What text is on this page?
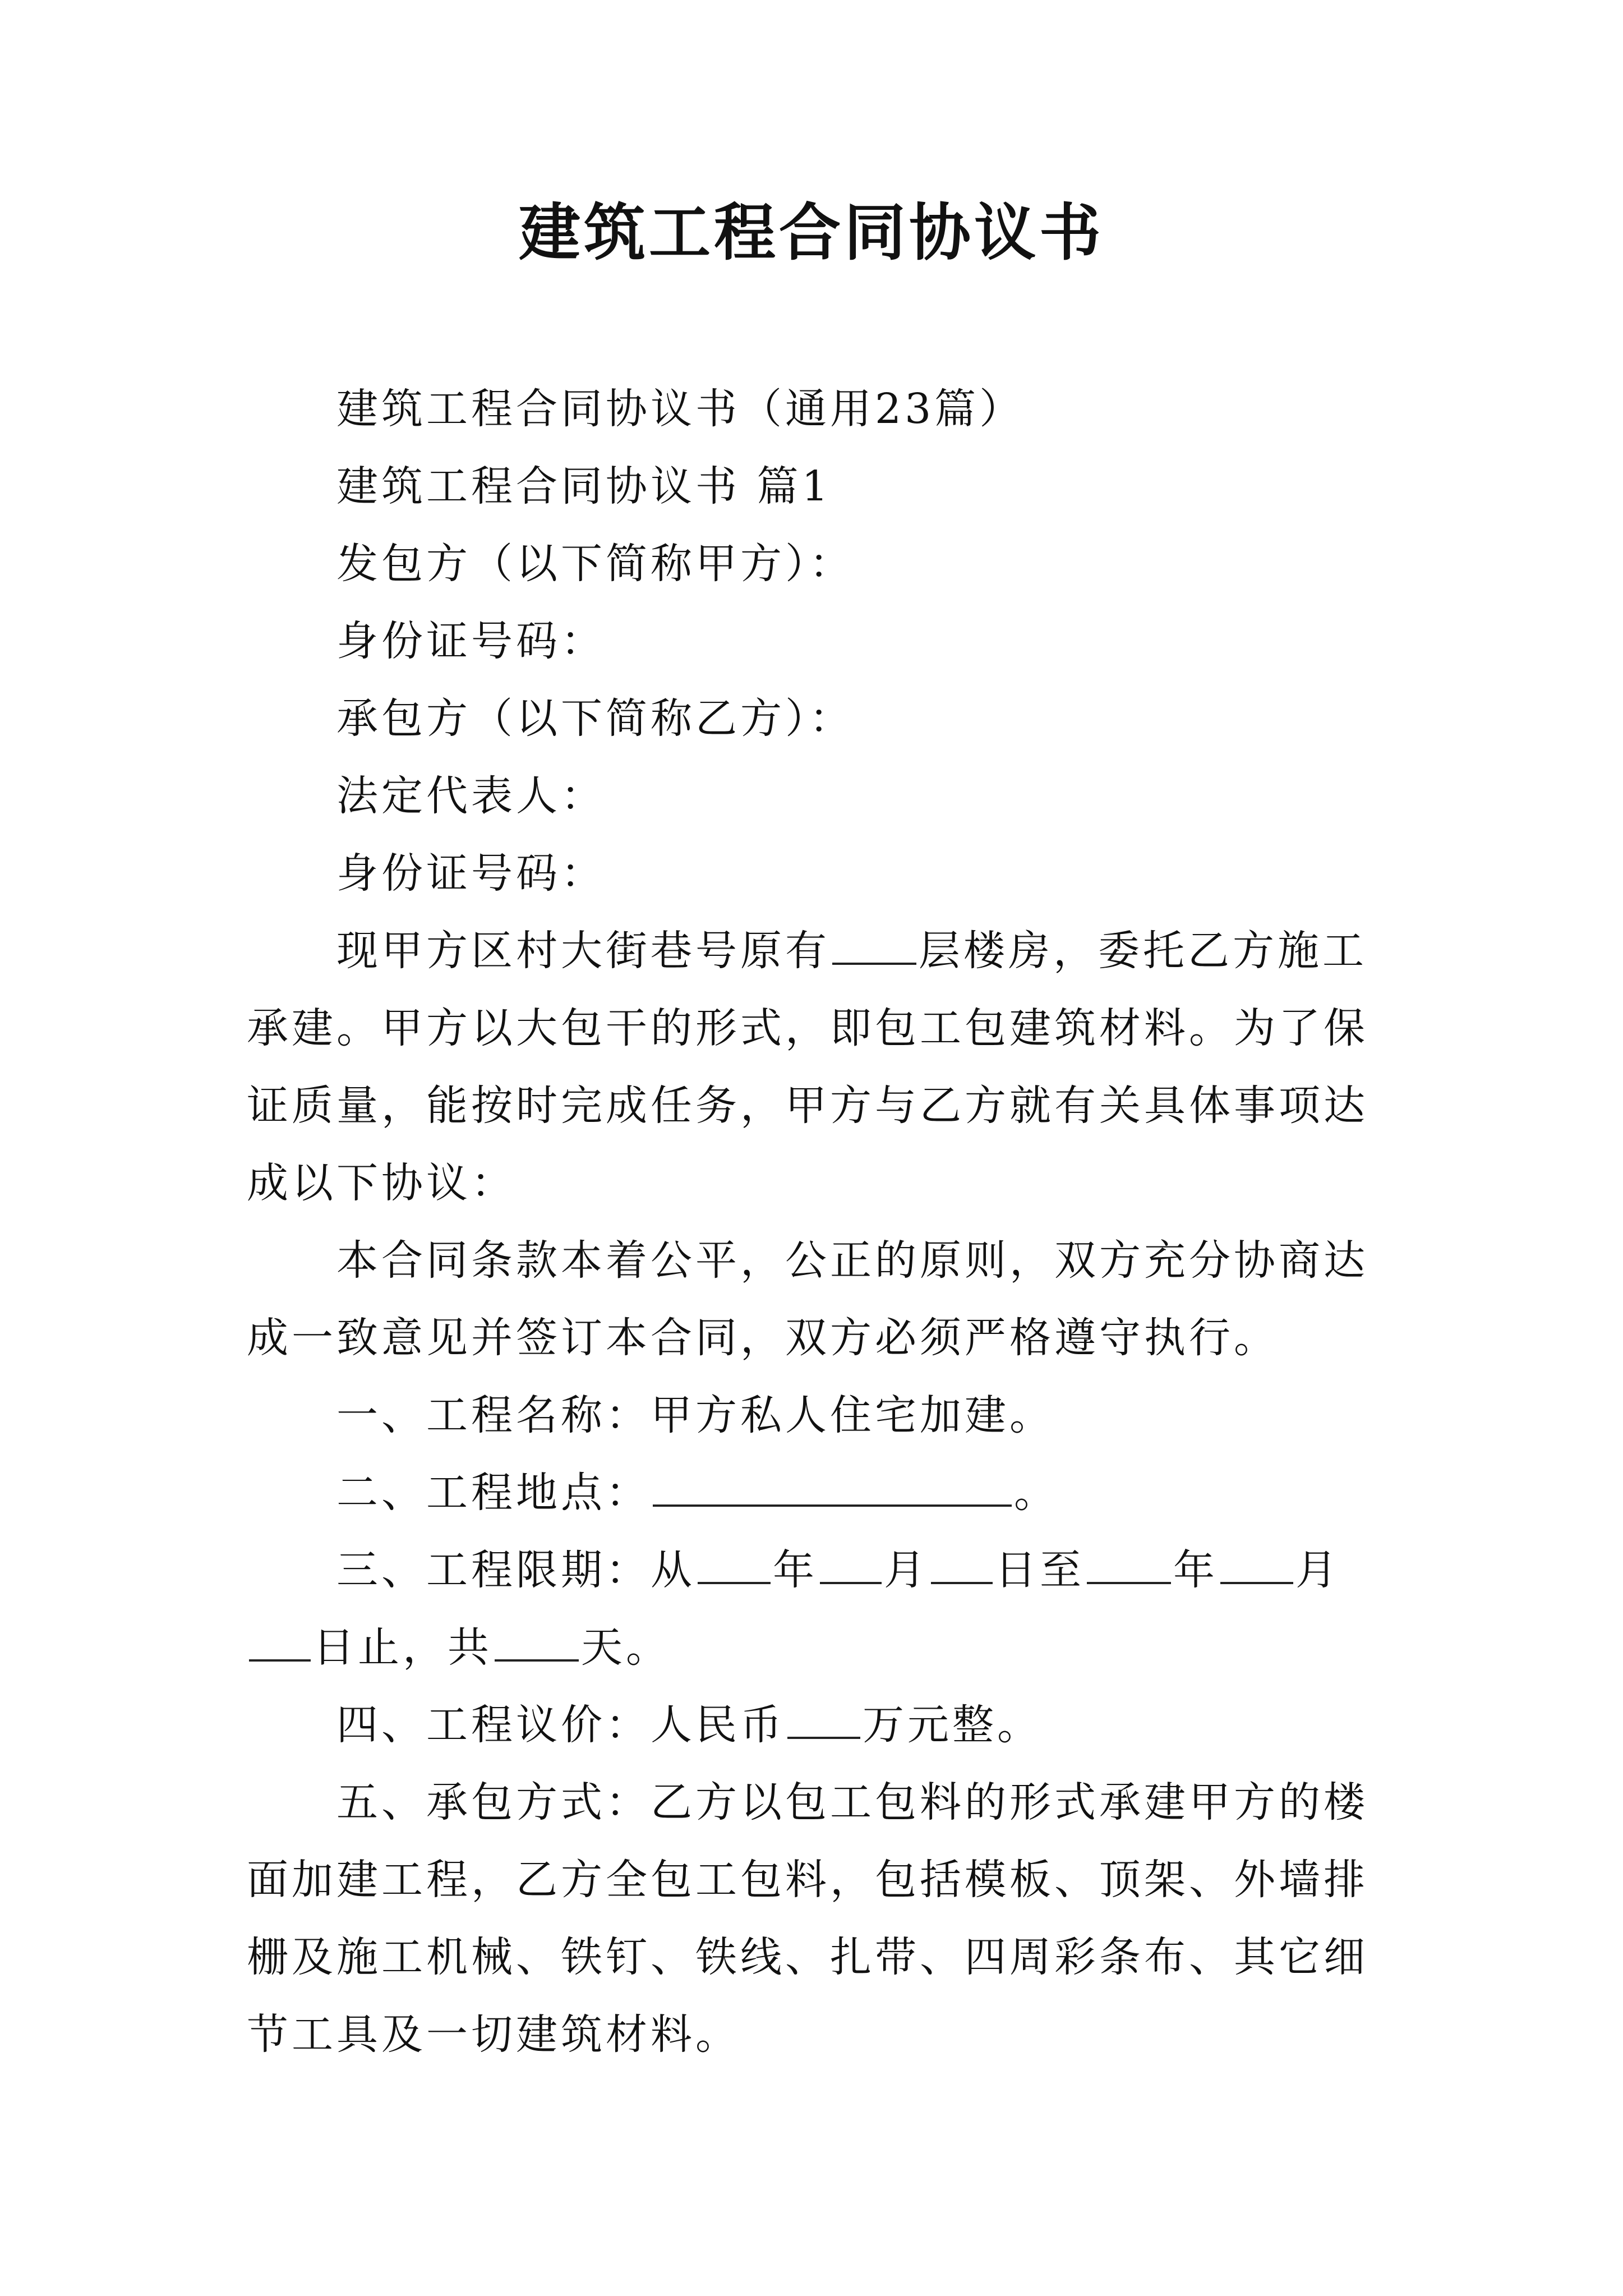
建筑工程合同协议书

建筑工程合同协议书（通用23篇）

建筑工程合同协议书 篇1

发包方（以下简称甲方）：

身份证号码：

承包方（以下简称乙方）：

法定代表人：

身份证号码：

现甲方区村大街巷号原有 层楼房，委托乙方施工承建。甲方以大包干的形式，即包工包建筑材料。为了保证质量，能按时完成任务，甲方与乙方就有关具体事项达成以下协议：

本合同条款本着公平，公正的原则，双方充分协商达成一致意见并签订本合同，双方必须严格遵守执行。

一、工程名称：甲方私人住宅加建。

二、工程地点：	。

三、工程限期：从 年 月 日至 年 月日止，共 天。

四、工程议价：人民币 万元整。

五、承包方式：乙方以包工包料的形式承建甲方的楼面加建工程，乙方全包工包料，包括模板、顶架、外墙排栅及施工机械、铁钉、铁线、扎带、四周彩条布、其它细节工具及一切建筑材料。
